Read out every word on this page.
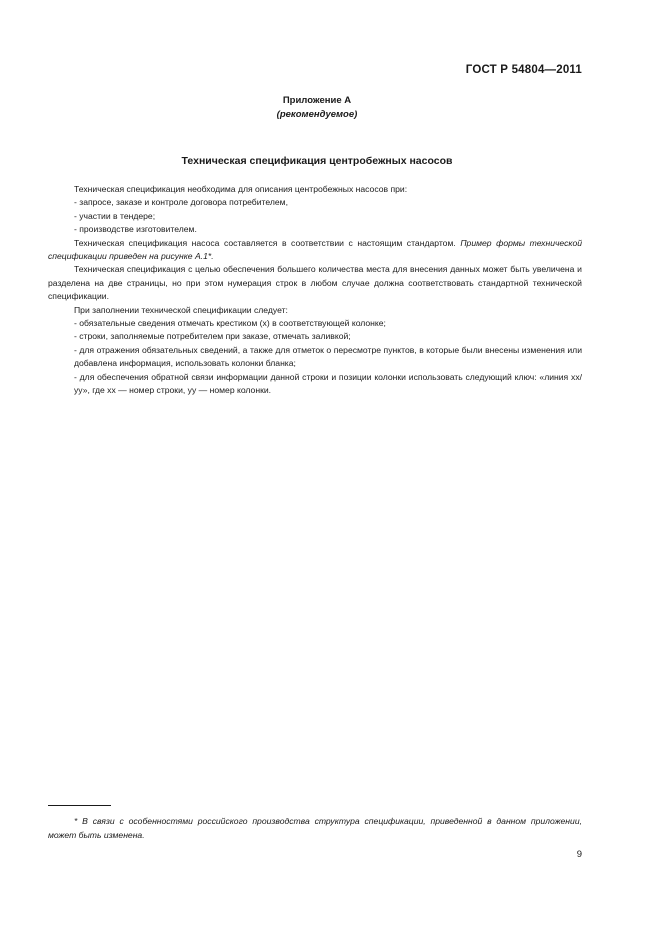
ГОСТ Р 54804—2011
Приложение А
(рекомендуемое)
Техническая спецификация центробежных насосов

Техническая спецификация необходима для описания центробежных насосов при:

- запросе, заказе и контроле договора потребителем,

- участии в тендере;

- производстве изготовителем.

Техническая спецификация насоса составляется в соответствии с настоящим стандартом. Пример формы технической спецификации приведен на рисунке А.1*.

Техническая спецификация с целью обеспечения большего количества места для внесения данных может быть увеличена и разделена на две страницы, но при этом нумерация строк в любом случае должна соответствовать стандартной технической спецификации.

При заполнении технической спецификации следует:

- обязательные сведения отмечать крестиком (х) в соответствующей колонке;

- строки, заполняемые потребителем при заказе, отмечать заливкой;

- для отражения обязательных сведений, а также для отметок о пересмотре пунктов, в которые были внесены изменения или добавлена информация, использовать колонки бланка;

- для обеспечения обратной связи информации данной строки и позиции колонки использовать следующий ключ: «линия хх/уу», где хх — номер строки, уу — номер колонки.

* В связи с особенностями российского производства структура спецификации, приведенной в данном приложении, может быть изменена.
9
